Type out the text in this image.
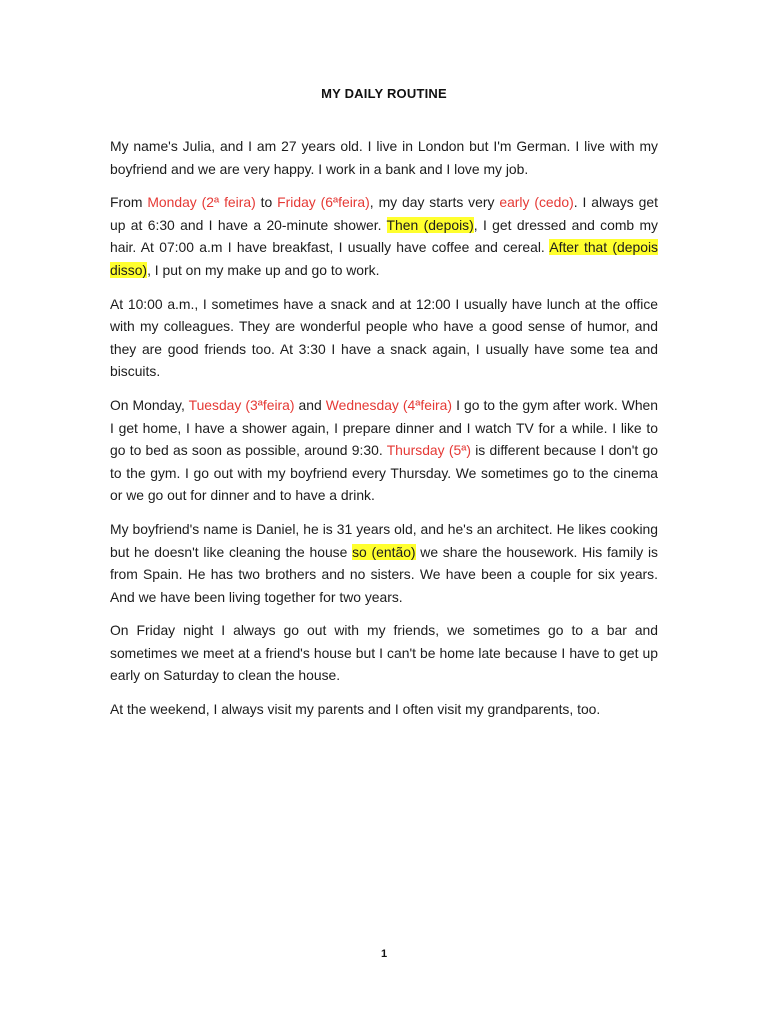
MY DAILY ROUTINE

My name's Julia, and I am 27 years old. I live in London but I'm German. I live with my boyfriend and we are very happy. I work in a bank and I love my job.

From Monday (2ª feira) to Friday (6ªfeira), my day starts very early (cedo). I always get up at 6:30 and I have a 20-minute shower. Then (depois), I get dressed and comb my hair. At 07:00 a.m I have breakfast, I usually have coffee and cereal. After that (depois disso), I put on my make up and go to work.

At 10:00 a.m., I sometimes have a snack and at 12:00 I usually have lunch at the office with my colleagues. They are wonderful people who have a good sense of humor, and they are good friends too. At 3:30 I have a snack again, I usually have some tea and biscuits.

On Monday, Tuesday (3ªfeira) and Wednesday (4ªfeira) I go to the gym after work. When I get home, I have a shower again, I prepare dinner and I watch TV for a while. I like to go to bed as soon as possible, around 9:30. Thursday (5ª) is different because I don't go to the gym. I go out with my boyfriend every Thursday. We sometimes go to the cinema or we go out for dinner and to have a drink.

My boyfriend's name is Daniel, he is 31 years old, and he's an architect. He likes cooking but he doesn't like cleaning the house so (então) we share the housework. His family is from Spain. He has two brothers and no sisters. We have been a couple for six years. And we have been living together for two years.

On Friday night I always go out with my friends, we sometimes go to a bar and sometimes we meet at a friend's house but I can't be home late because I have to get up early on Saturday to clean the house.

At the weekend, I always visit my parents and I often visit my grandparents, too.

1
